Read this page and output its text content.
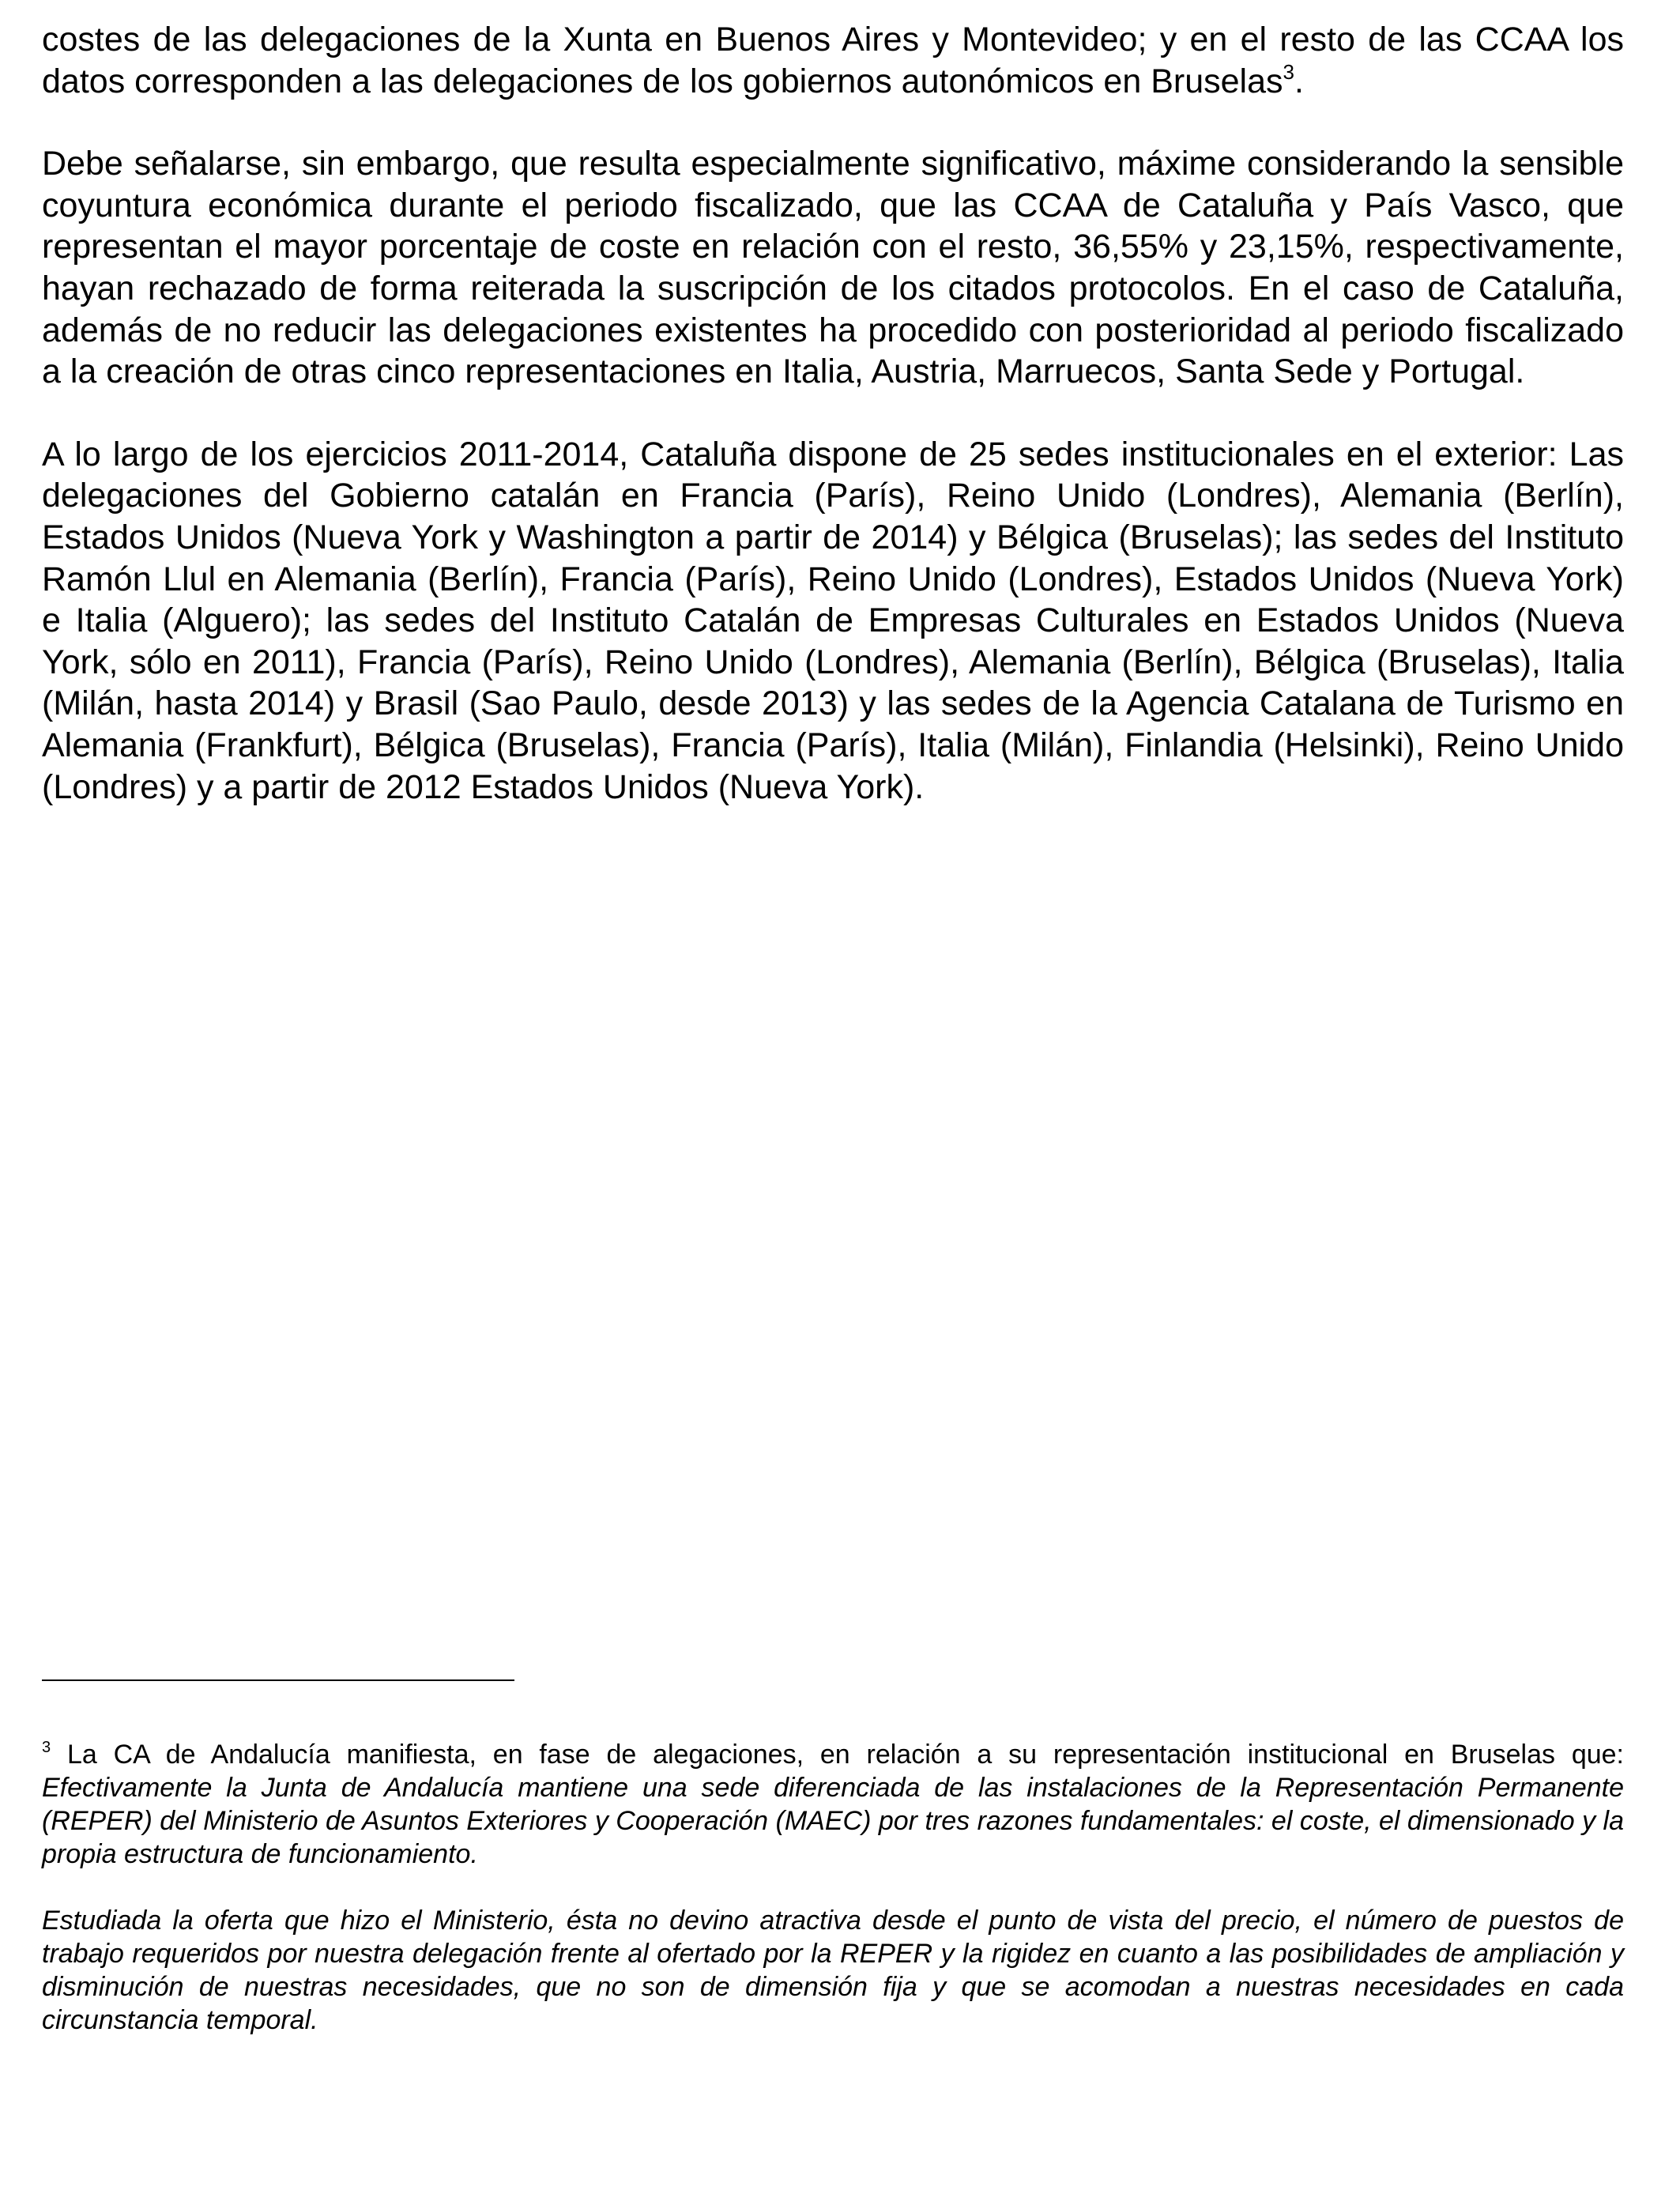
costes de las delegaciones de la Xunta en Buenos Aires y Montevideo; y en el resto de las CCAA los datos corresponden a las delegaciones de los gobiernos autonómicos en Bruselas$^3$.

Debe señalarse, sin embargo, que resulta especialmente significativo, máxime considerando la sensible coyuntura económica durante el periodo fiscalizado, que las CCAA de Cataluña y País Vasco, que representan el mayor porcentaje de coste en relación con el resto, 36,55% y 23,15%, respectivamente, hayan rechazado de forma reiterada la suscripción de los citados protocolos. En el caso de Cataluña, además de no reducir las delegaciones existentes ha procedido con posterioridad al periodo fiscalizado a la creación de otras cinco representaciones en Italia, Austria, Marruecos, Santa Sede y Portugal.

A lo largo de los ejercicios 2011-2014, Cataluña dispone de 25 sedes institucionales en el exterior: Las delegaciones del Gobierno catalán en Francia (París), Reino Unido (Londres), Alemania (Berlín), Estados Unidos (Nueva York y Washington a partir de 2014) y Bélgica (Bruselas); las sedes del Instituto Ramón Llul en Alemania (Berlín), Francia (París), Reino Unido (Londres), Estados Unidos (Nueva York) e Italia (Alguero); las sedes del Instituto Catalán de Empresas Culturales en Estados Unidos (Nueva York, sólo en 2011), Francia (París), Reino Unido (Londres), Alemania (Berlín), Bélgica (Bruselas), Italia (Milán, hasta 2014) y Brasil (Sao Paulo, desde 2013) y las sedes de la Agencia Catalana de Turismo en Alemania (Frankfurt), Bélgica (Bruselas), Francia (París), Italia (Milán), Finlandia (Helsinki), Reino Unido (Londres) y a partir de 2012 Estados Unidos (Nueva York).

$^3$ La CA de Andalucía manifiesta, en fase de alegaciones, en relación a su representación institucional en Bruselas que: Efectivamente la Junta de Andalucía mantiene una sede diferenciada de las instalaciones de la Representación Permanente (REPER) del Ministerio de Asuntos Exteriores y Cooperación (MAEC) por tres razones fundamentales: el coste, el dimensionado y la propia estructura de funcionamiento.

Estudiada la oferta que hizo el Ministerio, ésta no devino atractiva desde el punto de vista del precio, el número de puestos de trabajo requeridos por nuestra delegación frente al ofertado por la REPER y la rigidez en cuanto a las posibilidades de ampliación y disminución de nuestras necesidades, que no son de dimensión fija y que se acomodan a nuestras necesidades en cada circunstancia temporal.
